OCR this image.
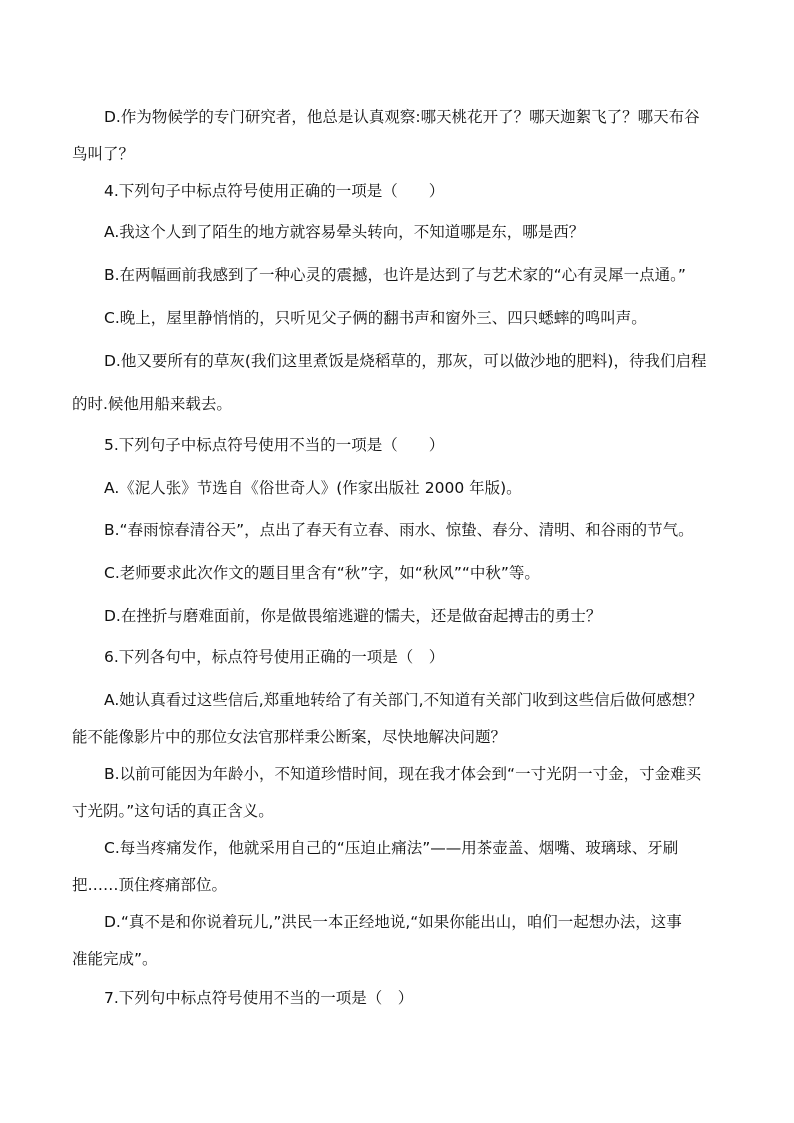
D.作为物候学的专门研究者，他总是认真观察:哪天桃花开了？哪天迦絮飞了？哪天布谷
鸟叫了？
4.下列句子中标点符号使用正确的一项是（　　）
A.我这个人到了陌生的地方就容易晕头转向，不知道哪是东，哪是西？
B.在两幅画前我感到了一种心灵的震撼，也许是达到了与艺术家的“心有灵犀一点通。”
C.晚上，屋里静悄悄的，只听见父子俩的翻书声和窗外三、四只蟋蟀的鸣叫声。
D.他又要所有的草灰(我们这里煮饭是烧稻草的，那灰，可以做沙地的肥料)，待我们启程
的时.候他用船来载去。
5.下列句子中标点符号使用不当的一项是（　　）
A.《泥人张》节选自《俗世奇人》(作家出版社 2000 年版)。
B.“春雨惊春清谷天”，点出了春天有立春、雨水、惊蛰、春分、清明、和谷雨的节气。
C.老师要求此次作文的题目里含有“秋”字，如“秋风”“中秋”等。
D.在挫折与磨难面前，你是做畏缩逃避的懦夫，还是做奋起搏击的勇士？
6.下列各句中，标点符号使用正确的一项是（　）
A.她认真看过这些信后,郑重地转给了有关部门,不知道有关部门收到这些信后做何感想？
能不能像影片中的那位女法官那样秉公断案，尽快地解决问题？
B.以前可能因为年龄小，不知道珍惜时间，现在我才体会到“一寸光阴一寸金，寸金难买
寸光阴。”这句话的真正含义。
C.每当疼痛发作，他就采用自己的“压迫止痛法”——用茶壶盖、烟嘴、玻璃球、牙刷
把……顶住疼痛部位。
D.“真不是和你说着玩儿,”洪民一本正经地说,“如果你能出山，咱们一起想办法，这事
准能完成”。
7.下列句中标点符号使用不当的一项是（　）
